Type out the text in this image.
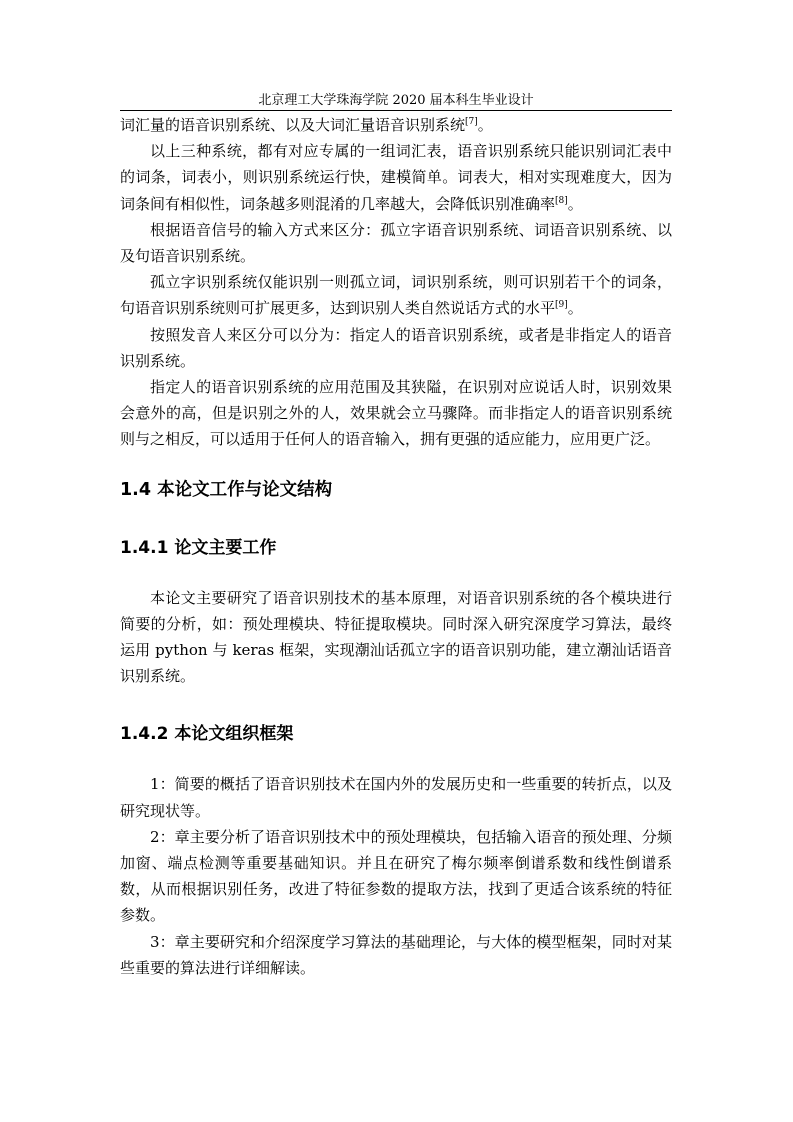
北京理工大学珠海学院 2020 届本科生毕业设计

词汇量的语音识别系统、以及大词汇量语音识别系统[7]。

以上三种系统，都有对应专属的一组词汇表，语音识别系统只能识别词汇表中的词条，词表小，则识别系统运行快，建模简单。词表大，相对实现难度大，因为词条间有相似性，词条越多则混淆的几率越大，会降低识别准确率[8]。

根据语音信号的输入方式来区分：孤立字语音识别系统、词语音识别系统、以及句语音识别系统。

孤立字识别系统仅能识别一则孤立词，词识别系统，则可识别若干个的词条，句语音识别系统则可扩展更多，达到识别人类自然说话方式的水平[9]。

按照发音人来区分可以分为：指定人的语音识别系统，或者是非指定人的语音识别系统。

指定人的语音识别系统的应用范围及其狭隘，在识别对应说话人时，识别效果会意外的高，但是识别之外的人，效果就会立马骤降。而非指定人的语音识别系统则与之相反，可以适用于任何人的语音输入，拥有更强的适应能力，应用更广泛。

1.4 本论文工作与论文结构
1.4.1 论文主要工作

本论文主要研究了语音识别技术的基本原理，对语音识别系统的各个模块进行简要的分析，如：预处理模块、特征提取模块。同时深入研究深度学习算法，最终运用 python 与 keras 框架，实现潮汕话孤立字的语音识别功能，建立潮汕话语音识别系统。

1.4.2 本论文组织框架

1：简要的概括了语音识别技术在国内外的发展历史和一些重要的转折点，以及研究现状等。

2：章主要分析了语音识别技术中的预处理模块，包括输入语音的预处理、分频加窗、端点检测等重要基础知识。并且在研究了梅尔频率倒谱系数和线性倒谱系数，从而根据识别任务，改进了特征参数的提取方法，找到了更适合该系统的特征参数。

3：章主要研究和介绍深度学习算法的基础理论，与大体的模型框架，同时对某些重要的算法进行详细解读。
